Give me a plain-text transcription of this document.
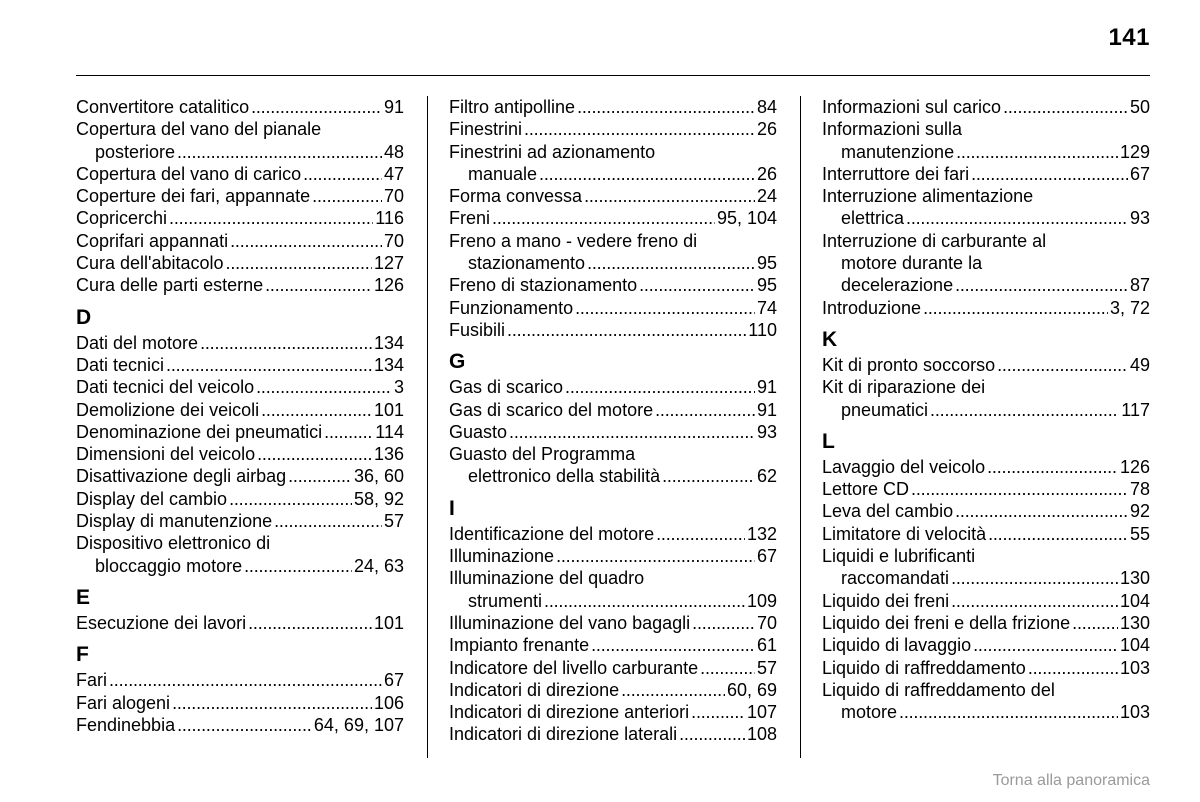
141
Convertitore catalitico . . .	91
Copertura del vano del pianale
posteriore . . .	48
Copertura del vano di carico . . .	47
Coperture dei fari, appannate . . .	70
Copricerchi . . .	116
Coprifari appannati . . .	70
Cura dell'abitacolo . . .	127
Cura delle parti esterne . . .	126
D
Dati del motore . . .	134
Dati tecnici . . .	134
Dati tecnici del veicolo . . .	3
Demolizione dei veicoli . . .	101
Denominazione dei pneumatici . . .	114
Dimensioni del veicolo . . .	136
Disattivazione degli airbag . . .	36, 60
Display del cambio . . .	58, 92
Display di manutenzione . . .	57
Dispositivo elettronico di
bloccaggio motore . . .	24, 63
E
Esecuzione dei lavori . . .	101
F
Fari . . .	67
Fari alogeni . . .	106
Fendinebbia . . .	64, 69, 107
Filtro antipolline . . .	84
Finestrini . . .	26
Finestrini ad azionamento
manuale . . .	26
Forma convessa . . .	24
Freni . . .	95, 104
Freno a mano - vedere freno di
stazionamento . . .	95
Freno di stazionamento . . .	95
Funzionamento . . .	74
Fusibili . . .	110
G
Gas di scarico . . .	91
Gas di scarico del motore . . .	91
Guasto . . .	93
Guasto del Programma
elettronico della stabilità . . .	62
I
Identificazione del motore . . .	132
Illuminazione . . .	67
Illuminazione del quadro
strumenti . . .	109
Illuminazione del vano bagagli . . .	70
Impianto frenante . . .	61
Indicatore del livello carburante . . .	57
Indicatori di direzione . . .	60, 69
Indicatori di direzione anteriori . . .	107
Indicatori di direzione laterali . . .	108
Informazioni sul carico . . .	50
Informazioni sulla
manutenzione . . .	129
Interruttore dei fari . . .	67
Interruzione alimentazione
elettrica . . .	93
Interruzione di carburante al
motore durante la
decelerazione . . .	87
Introduzione . . .	3, 72
K
Kit di pronto soccorso . . .	49
Kit di riparazione dei
pneumatici . . .	117
L
Lavaggio del veicolo . . .	126
Lettore CD . . .	78
Leva del cambio . . .	92
Limitatore di velocità . . .	55
Liquidi e lubrificanti
raccomandati . . .	130
Liquido dei freni . . .	104
Liquido dei freni e della frizione . . .	130
Liquido di lavaggio . . .	104
Liquido di raffreddamento . . .	103
Liquido di raffreddamento del
motore . . .	103
Torna alla panoramica
